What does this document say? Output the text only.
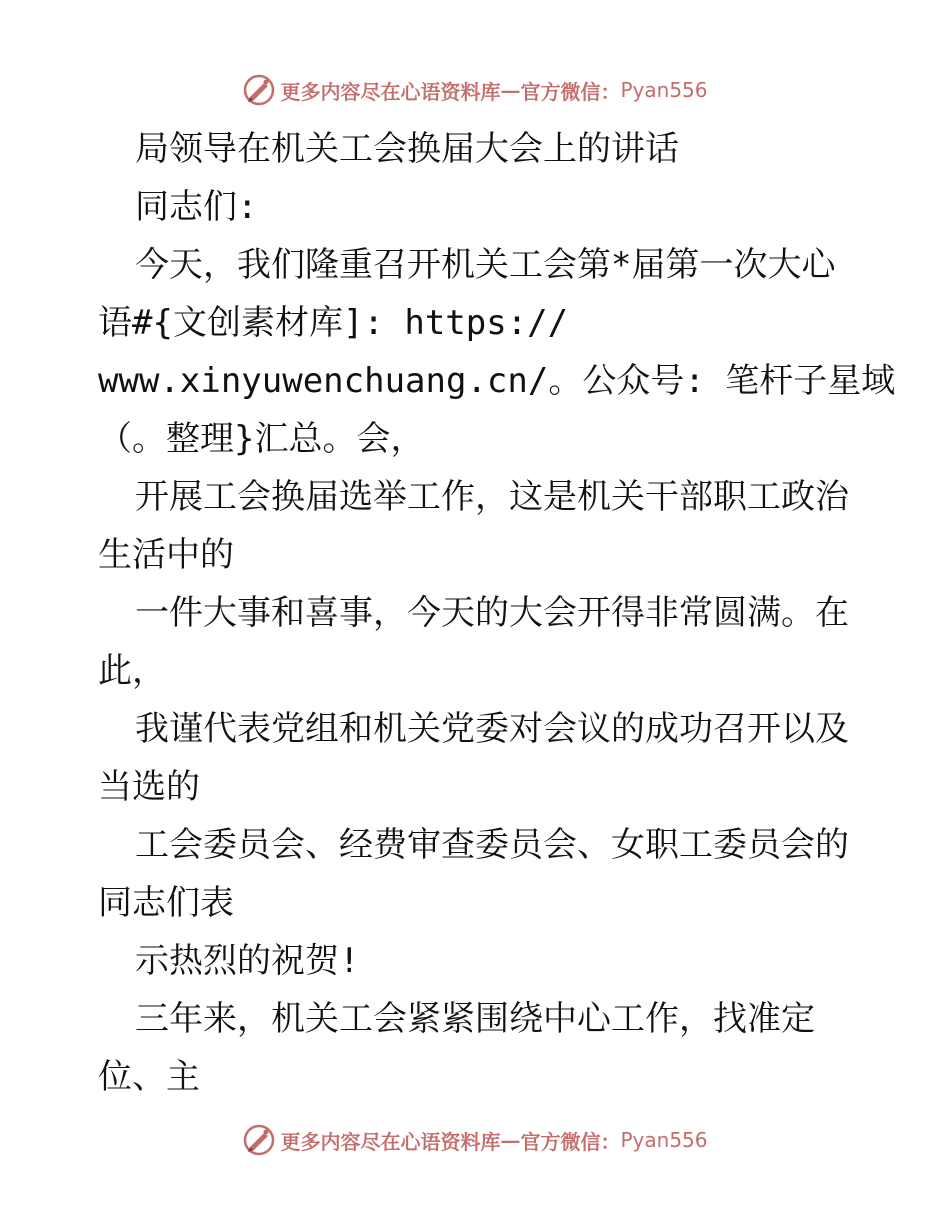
更多内容尽在心语资料库 — 官方微信： Pyan556
局领导在机关工会换届大会上的讲话
同志们:
今天，我们隆重召开机关工会第*届第一次大心
语#{文创素材库]: https://
www.xinyuwenchuang.cn/。公众号: 笔杆子星域
（。整理}汇总。会，
开展工会换届选举工作，这是机关干部职工政治
生活中的
一件大事和喜事，今天的大会开得非常圆满。在
此，
我谨代表党组和机关党委对会议的成功召开以及
当选的
工会委员会、经费审查委员会、女职工委员会的
同志们表
示热烈的祝贺!
三年来，机关工会紧紧围绕中心工作，找准定
位、主
更多内容尽在心语资料库 — 官方微信： Pyan556
